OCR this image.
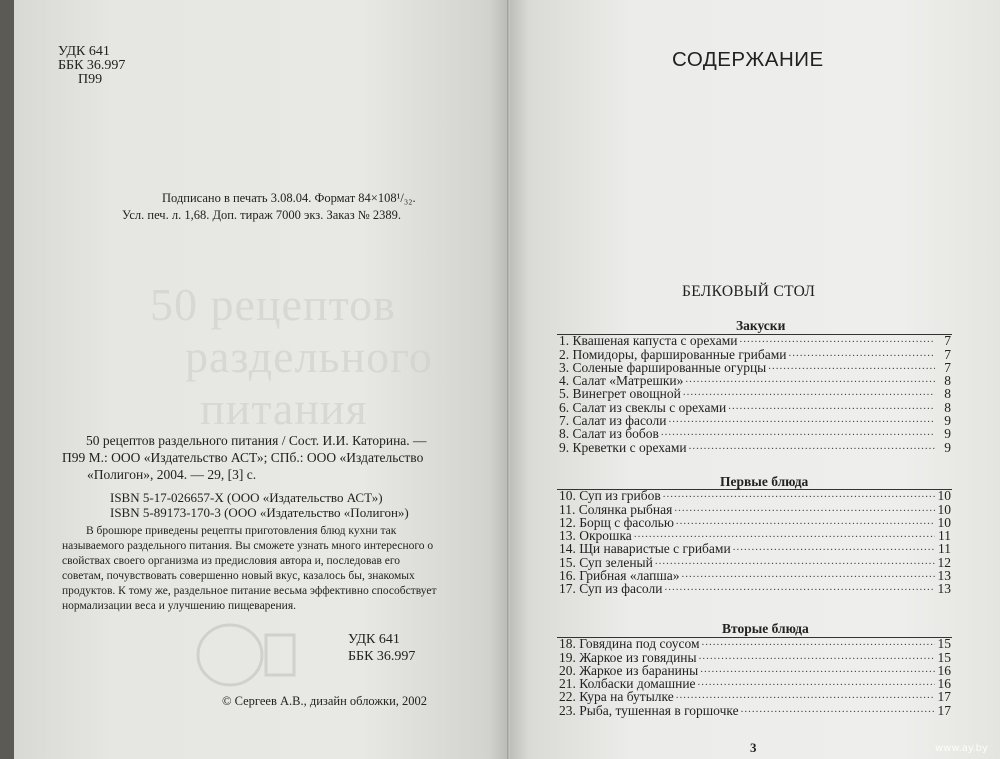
УДК 641
ББК 36.997
П99
Подписано в печать 3.08.04. Формат 84×108¹/₃₂.
Усл. печ. л. 1,68. Доп. тираж 7000 экз. Заказ № 2389.
50 рецептов
раздельного
питания
50 рецептов раздельного питания / Сост. И.И. Каторина. —
П99 М.: ООО «Издательство АСТ»; СПб.: ООО «Издательство
«Полигон», 2004. — 29, [3] с.
ISBN 5-17-026657-X (ООО «Издательство АСТ»)
ISBN 5-89173-170-3 (ООО «Издательство «Полигон»)
В брошюре приведены рецепты приготовления блюд кухни так называемого раздельного питания. Вы сможете узнать много интересного о свойствах своего организма из предисловия автора и, последовав его советам, почувствовать совершенно новый вкус, казалось бы, знакомых продуктов. К тому же, раздельное питание весьма эффективно способствует нормализации веса и улучшению пищеварения.
УДК 641
ББК 36.997
© Сергеев А.В., дизайн обложки, 2002
СОДЕРЖАНИЕ
БЕЛКОВЫЙ СТОЛ
Закуски
1. Квашеная капуста с орехами .....	7
2. Помидоры, фаршированные грибами .....	7
3. Соленые фаршированные огурцы .....	7
4. Салат «Матрешки» .....	8
5. Винегрет овощной .....	8
6. Салат из свеклы с орехами .....	8
7. Салат из фасоли .....	9
8. Салат из бобов .....	9
9. Креветки с орехами .....	9
Первые блюда
10. Суп из грибов .....	10
11. Солянка рыбная .....	10
12. Борщ с фасолью .....	10
13. Окрошка .....	11
14. Щи наваристые с грибами .....	11
15. Суп зеленый .....	12
16. Грибная «лапша» .....	13
17. Суп из фасоли .....	13
Вторые блюда
18. Говядина под соусом .....	15
19. Жаркое из говядины .....	15
20. Жаркое из баранины .....	16
21. Колбаски домашние .....	16
22. Кура на бутылке .....	17
23. Рыба, тушенная в горшочке .....	17
3	www.ay.by
